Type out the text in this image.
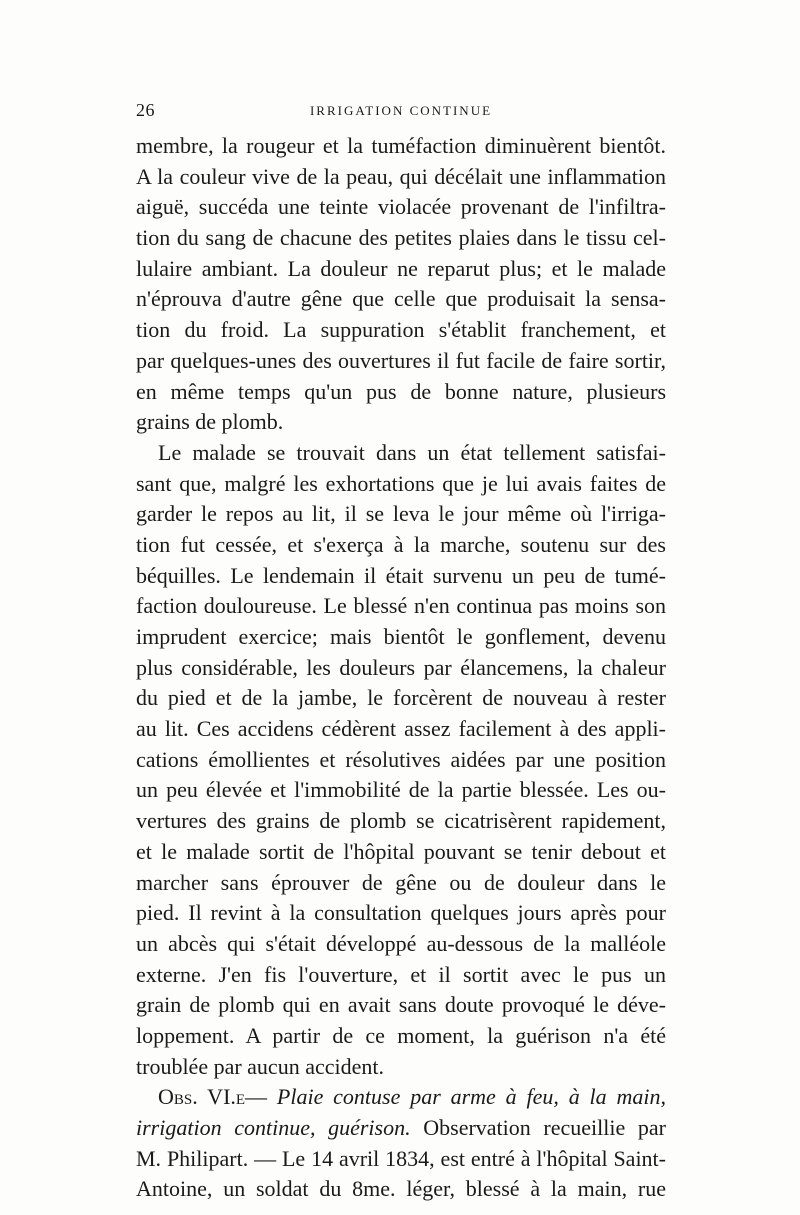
26	IRRIGATION CONTINUE
membre, la rougeur et la tuméfaction diminuèrent bientôt.
A la couleur vive de la peau, qui décélait une inflammation
aiguë, succéda une teinte violacée provenant de l'infiltra-
tion du sang de chacune des petites plaies dans le tissu cel-
lulaire ambiant. La douleur ne reparut plus; et le malade
n'éprouva d'autre gêne que celle que produisait la sensa-
tion du froid. La suppuration s'établit franchement, et
par quelques-unes des ouvertures il fut facile de faire sortir,
en même temps qu'un pus de bonne nature, plusieurs
grains de plomb.
Le malade se trouvait dans un état tellement satisfai-
sant que, malgré les exhortations que je lui avais faites de
garder le repos au lit, il se leva le jour même où l'irriga-
tion fut cessée, et s'exerça à la marche, soutenu sur des
béquilles. Le lendemain il était survenu un peu de tumé-
faction douloureuse. Le blessé n'en continua pas moins son
imprudent exercice; mais bientôt le gonflement, devenu
plus considérable, les douleurs par élancemens, la chaleur
du pied et de la jambe, le forcèrent de nouveau à rester
au lit. Ces accidens cédèrent assez facilement à des appli-
cations émollientes et résolutives aidées par une position
un peu élevée et l'immobilité de la partie blessée. Les ou-
vertures des grains de plomb se cicatrisèrent rapidement,
et le malade sortit de l'hôpital pouvant se tenir debout et
marcher sans éprouver de gêne ou de douleur dans le
pied. Il revint à la consultation quelques jours après pour
un abcès qui s'était développé au-dessous de la malléole
externe. J'en fis l'ouverture, et il sortit avec le pus un
grain de plomb qui en avait sans doute provoqué le déve-
loppement. A partir de ce moment, la guérison n'a été
troublée par aucun accident.
Obs. VI.e— Plaie contuse par arme à feu, à la main,
irrigation continue, guérison. Observation recueillie par
M. Philipart. — Le 14 avril 1834, est entré à l'hôpital Saint-
Antoine, un soldat du 8me. léger, blessé à la main, rue
